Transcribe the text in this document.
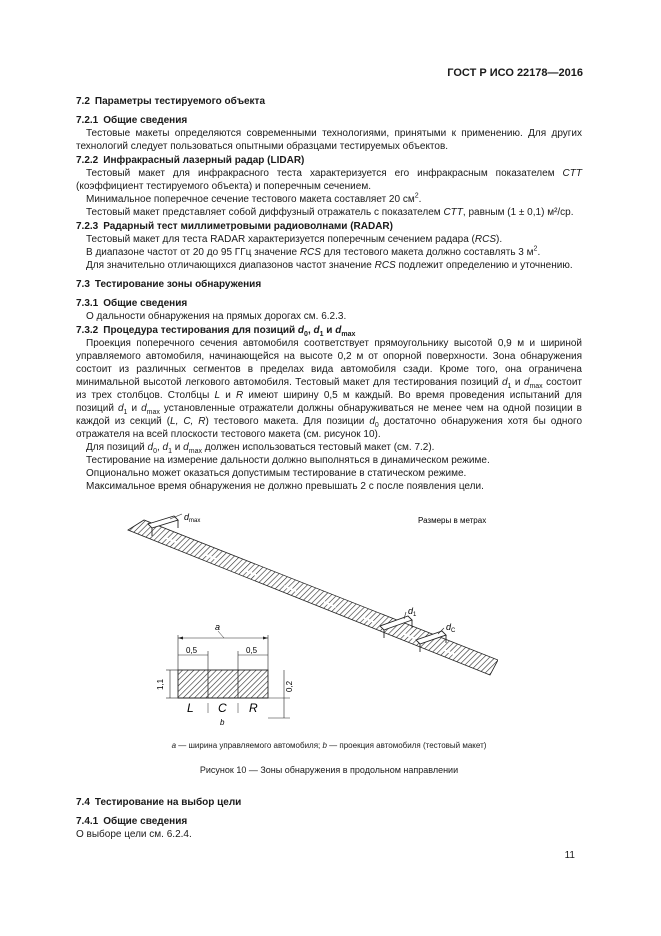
ГОСТ Р ИСО 22178—2016
7.2 Параметры тестируемого объекта
7.2.1 Общие сведения

Тестовые макеты определяются современными технологиями, принятыми к применению. Для других технологий следует пользоваться опытными образцами тестируемых объектов.

7.2.2 Инфракрасный лазерный радар (LIDAR)

Тестовый макет для инфракрасного теста характеризуется его инфракрасным показателем CTT (коэффициент тестируемого объекта) и поперечным сечением.

Минимальное поперечное сечение тестового макета составляет 20 $см^2$.

Тестовый макет представляет собой диффузный отражатель с показателем CTT, равным (1 ± 0,1) м²/ср.

7.2.3 Радарный тест миллиметровыми радиоволнами (RADAR)

Тестовый макет для теста RADAR характеризуется поперечным сечением радара (RCS).

В диапазоне частот от 20 до 95 ГГц значение RCS для тестового макета должно составлять 3 $м^2$.

Для значительно отличающихся диапазонов частот значение RCS подлежит определению и уточнению.

7.3 Тестирование зоны обнаружения
7.3.1 Общие сведения

О дальности обнаружения на прямых дорогах см. 6.2.3.

7.3.2 Процедура тестирования для позиций $d_0$, $d_1$ и $d_{max}$

Проекция поперечного сечения автомобиля соответствует прямоугольнику высотой 0,9 м и шириной управляемого автомобиля, начинающейся на высоте 0,2 м от опорной поверхности. Зона обнаружения состоит из различных сегментов в пределах вида автомобиля сзади. Кроме того, она ограничена минимальной высотой легкового автомобиля. Тестовый макет для тестирования позиций $d_1$ и $d_{max}$ состоит из трех столбцов. Столбцы L и R имеют ширину 0,5 м каждый. Во время проведения испытаний для позиций $d_1$ и $d_{max}$ установленные отражатели должны обнаруживаться не менее чем на одной позиции в каждой из секций (L, C, R) тестового макета. Для позиции $d_0$ достаточно обнаружения хотя бы одного отражателя на всей плоскости тестового макета (см. рисунок 10).

Для позиций $d_0$, $d_1$ и $d_{max}$ должен использоваться тестовый макет (см. 7.2).

Тестирование на измерение дальности должно выполняться в динамическом режиме.

Опционально может оказаться допустимым тестирование в статическом режиме.

Максимальное время обнаружения не должно превышать 2 с после появления цели.

$d_{max}$
$d_1$
$d_C$
Размеры в метрах
a
0,5	0,5
1,1	0,2
L C R
b
a — ширина управляемого автомобиля; b — проекция автомобиля (тестовый макет)
Рисунок 10 — Зоны обнаружения в продольном направлении
7.4 Тестирование на выбор цели
7.4.1 Общие сведения

О выборе цели см. 6.2.4.

11
